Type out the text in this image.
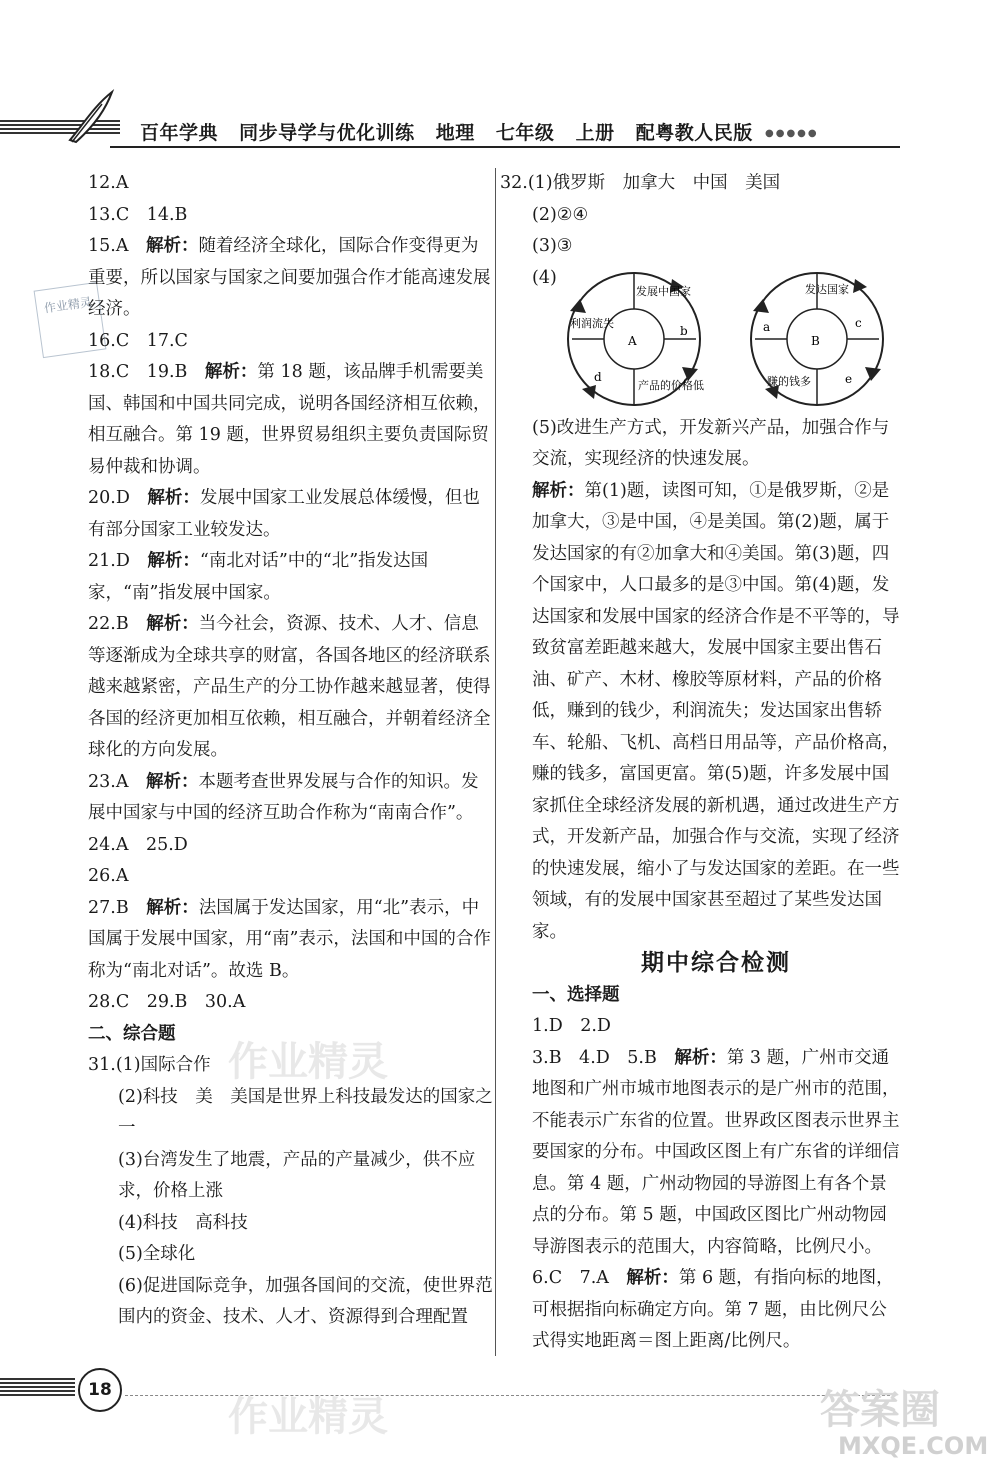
百年学典 同步导学与优化训练 地理 七年级 上册 配粤教人民版	●●●●●
作业精灵

12.A

13.C　14.B

15.A　 解析：随着经济全球化，国际合作变得更为重要，所以国家与国家之间要加强合作才能高速发展经济。

16.C　17.C

18.C　19.B　 解析：第 18 题，该品牌手机需要美国、韩国和中国共同完成，说明各国经济相互依赖，相互融合。第 19 题，世界贸易组织主要负责国际贸易仲裁和协调。

20.D　 解析：发展中国家工业发展总体缓慢，但也有部分国家工业较发达。

21.D　 解析：“南北对话”中的“北”指发达国家，“南”指发展中国家。

22.B　 解析：当今社会，资源、技术、人才、信息等逐渐成为全球共享的财富，各国各地区的经济联系越来越紧密，产品生产的分工协作越来越显著，使得各国的经济更加相互依赖，相互融合，并朝着经济全球化的方向发展。

23.A　 解析：本题考查世界发展与合作的知识。发展中国家与中国的经济互助合作称为“南南合作”。

24.A　25.D

26.A

27.B　 解析：法国属于发达国家，用“北”表示，中国属于发展中国家，用“南”表示，法国和中国的合作称为“南北对话”。故选 B。

28.C　29.B　30.A

二、综合题

31.(1)国际合作

(2)科技　美　美国是世界上科技最发达的国家之一

(3)台湾发生了地震，产品的产量减少，供不应求，价格上涨

(4)科技　高科技

(5)全球化

(6)促进国际竞争，加强各国间的交流，使世界范围内的资金、技术、人才、资源得到合理配置

32.(1)俄罗斯　加拿大　中国　美国

(2)②④

(3)③

(4)

发展中国家
利润流失
A
b
产品的价格低
d
发达国家
a
B
c
赚的钱多	e

(5)改进生产方式，开发新兴产品，加强合作与交流，实现经济的快速发展。

解析：第(1)题，读图可知，①是俄罗斯，②是加拿大，③是中国，④是美国。第(2)题，属于发达国家的有②加拿大和④美国。第(3)题，四个国家中，人口最多的是③中国。第(4)题，发达国家和发展中国家的经济合作是不平等的，导致贫富差距越来越大，发展中国家主要出售石油、矿产、木材、橡胶等原材料，产品的价格低，赚到的钱少，利润流失；发达国家出售轿车、轮船、飞机、高档日用品等，产品价格高，赚的钱多，富国更富。第(5)题，许多发展中国家抓住全球经济发展的新机遇，通过改进生产方式，开发新产品，加强合作与交流，实现了经济的快速发展，缩小了与发达国家的差距。在一些领域，有的发展中国家甚至超过了某些发达国家。

期中综合检测

一、选择题

1.D　2.D

3.B　4.D　5.B　 解析：第 3 题，广州市交通地图和广州市城市地图表示的是广州市的范围，不能表示广东省的位置。世界政区图表示世界主要国家的分布。中国政区图上有广东省的详细信息。第 4 题，广州动物园的导游图上有各个景点的分布。第 5 题，中国政区图比广州动物园导游图表示的范围大，内容简略，比例尺小。

6.C　7.A　 解析：第 6 题，有指向标的地图，可根据指向标确定方向。第 7 题，由比例尺公式得实地距离＝图上距离/比例尺。

作业精灵
作业精灵
18	答案圈
MXQE.COM
